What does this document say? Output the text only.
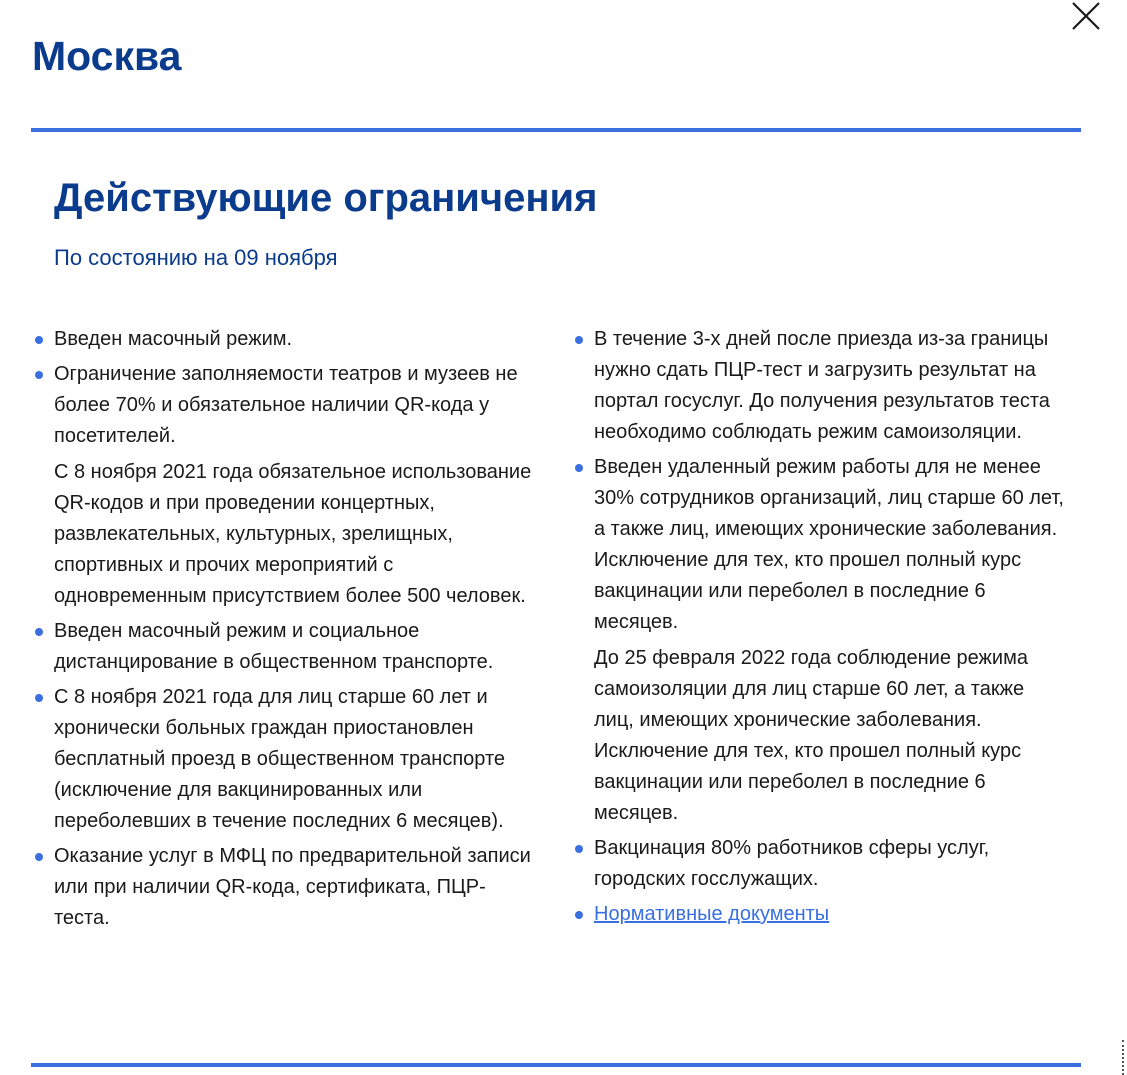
Москва
Действующие ограничения
По состоянию на 09 ноября

Введен масочный режим.

Ограничение заполняемости театров и музеев не более 70% и обязательное наличии QR-кода у посетителей.

С 8 ноября 2021 года обязательное использование QR-кодов и при проведении концертных, развлекательных, культурных, зрелищных, спортивных и прочих мероприятий с одновременным присутствием более 500 человек.

Введен масочный режим и социальное дистанцирование в общественном транспорте.

С 8 ноября 2021 года для лиц старше 60 лет и хронически больных граждан приостановлен бесплатный проезд в общественном транспорте (исключение для вакцинированных или переболевших в течение последних 6 месяцев).

Оказание услуг в МФЦ по предварительной записи или при наличии QR-кода, сертификата, ПЦР-теста.

В течение 3-х дней после приезда из-за границы нужно сдать ПЦР-тест и загрузить результат на портал госуслуг. До получения результатов теста необходимо соблюдать режим самоизоляции.

Введен удаленный режим работы для не менее 30% сотрудников организаций, лиц старше 60 лет, а также лиц, имеющих хронические заболевания. Исключение для тех, кто прошел полный курс вакцинации или переболел в последние 6 месяцев.

До 25 февраля 2022 года соблюдение режима самоизоляции для лиц старше 60 лет, а также лиц, имеющих хронические заболевания. Исключение для тех, кто прошел полный курс вакцинации или переболел в последние 6 месяцев.

Вакцинация 80% работников сферы услуг, городских госслужащих.

Нормативные документы
